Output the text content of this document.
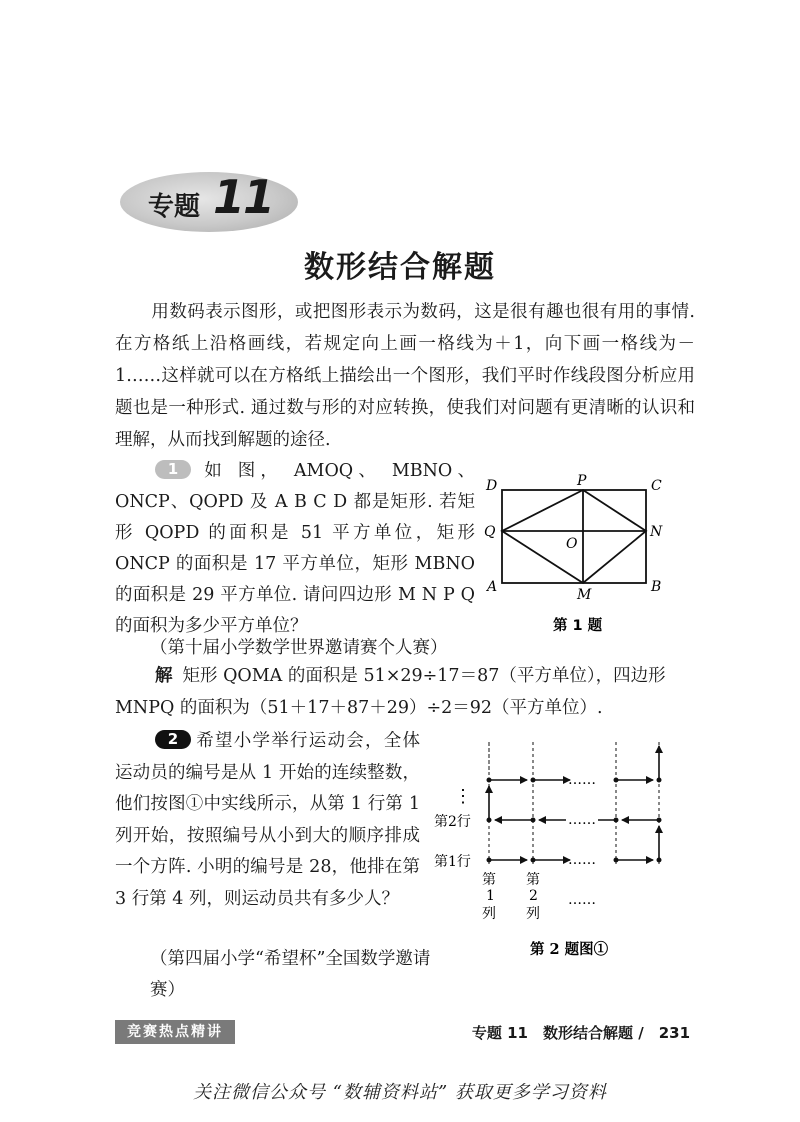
专题 11
数形结合解题
用数码表示图形，或把图形表示为数码，这是很有趣也很有用的事情. 在方格纸上沿格画线，若规定向上画一格线为＋1，向下画一格线为－1……这样就可以在方格纸上描绘出一个图形，我们平时作线段图分析应用题也是一种形式. 通过数与形的对应转换，使我们对问题有更清晰的认识和理解，从而找到解题的途径.
1 如 图， AMOQ、 MBNO、 ONCP、QOPD 及 A B C D 都是矩形. 若矩形 QOPD 的面积是 51 平方单位，矩形 ONCP 的面积是 17 平方单位，矩形 MBNO 的面积是 29 平方单位. 请问四边形 M N P Q 的面积为多少平方单位？
（第十届小学数学世界邀请赛个人赛）
D	P	C
Q
O
N
A	M	B
第 1 题
解 矩形 QOMA 的面积是 51×29÷17＝87（平方单位），四边形 MNPQ 的面积为（51＋17＋87＋29）÷2＝92（平方单位）.
2 希望小学举行运动会，全体运动员的编号是从 1 开始的连续整数，他们按图①中实线所示，从第 1 行第 1 列开始，按照编号从小到大的顺序排成一个方阵. 小明的编号是 28，他排在第 3 行第 4 列，则运动员共有多少人？
（第四届小学“希望杯”全国数学邀请赛）
……
……
……
……
⋮
第2行
第1行
第
1
列
第
2
列
第 2 题图①
竞赛热点精讲	专题 11　数形结合解题 /　231
关注微信公众号 “数辅资料站” 获取更多学习资料
